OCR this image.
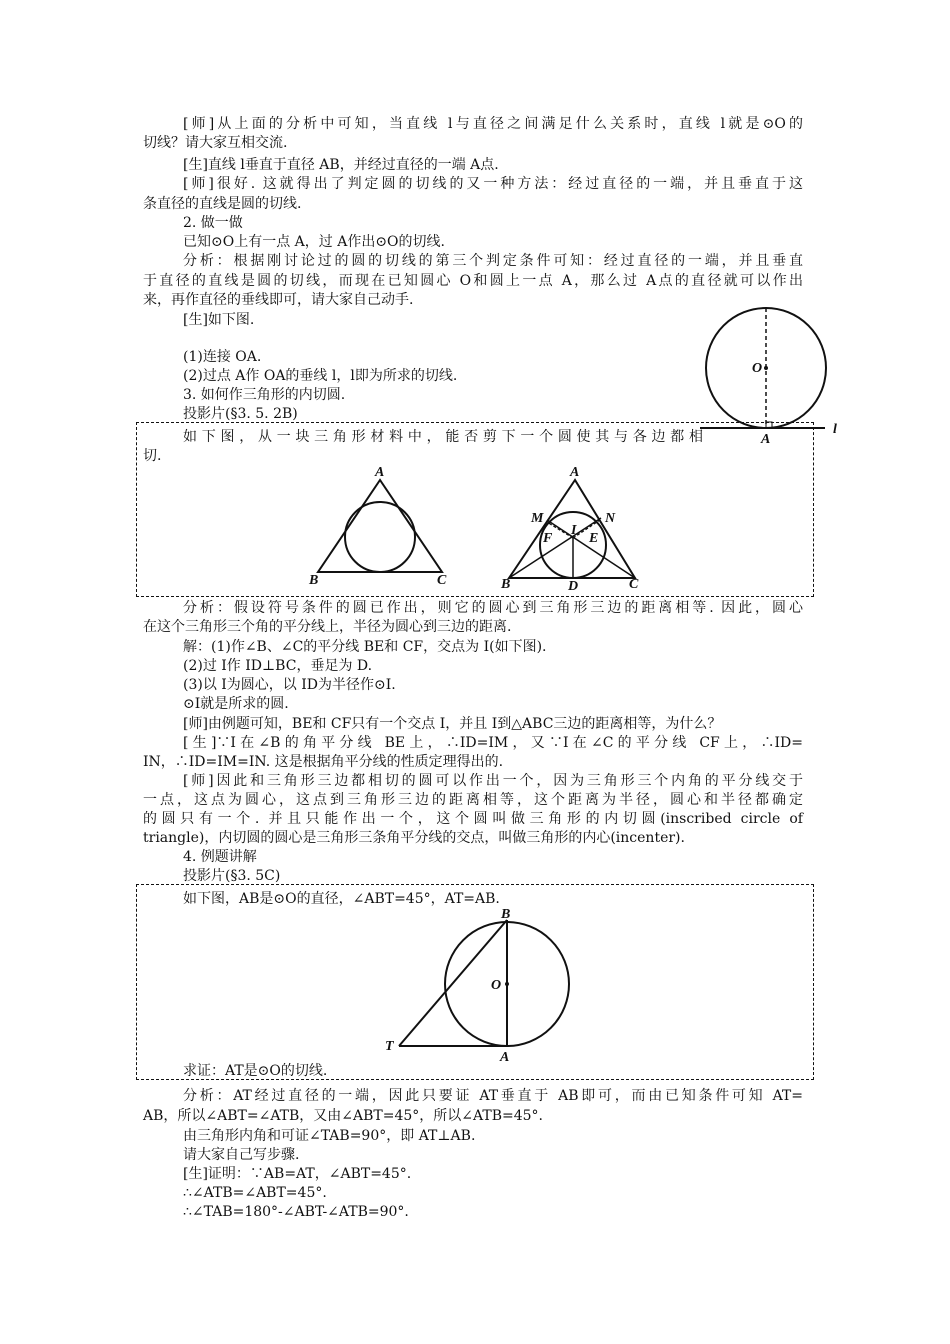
[师]从上面的分析中可知，当直线 l与直径之间满足什么关系时，直线 l就是⊙O的
切线？请大家互相交流.
[生]直线 l垂直于直径 AB，并经过直径的一端 A点.
[师]很好. 这就得出了判定圆的切线的又一种方法：经过直径的一端，并且垂直于这
条直径的直线是圆的切线.
2. 做一做
已知⊙O上有一点 A，过 A作出⊙O的切线.
分析：根据刚讨论过的圆的切线的第三个判定条件可知：经过直径的一端，并且垂直
于直径的直线是圆的切线，而现在已知圆心 O和圆上一点 A，那么过 A点的直径就可以作出
来，再作直径的垂线即可，请大家自己动手.
[生]如下图.
(1)连接 OA.
(2)过点 A作 OA的垂线 l，l即为所求的切线.
3. 如何作三角形的内切圆.
投影片(§3. 5. 2B)
O
A
l
如下图，从一块三角形材料中，能否剪下一个圆使其与各边都相
切.
A
B	C
A
M	N
F
I
E
B	D	C
分析：假设符号条件的圆已作出，则它的圆心到三角形三边的距离相等. 因此，圆心
在这个三角形三个角的平分线上，半径为圆心到三边的距离.
解：(1)作∠B、∠C的平分线 BE和 CF，交点为 I(如下图).
(2)过 I作 ID⊥BC，垂足为 D.
(3)以 I为圆心，以 ID为半径作⊙I.
⊙I就是所求的圆.
[师]由例题可知，BE和 CF只有一个交点 I，并且 I到△ABC三边的距离相等，为什么？
[生]∵I在∠B的角平分线 BE上，∴ID=IM，又∵I在∠C的平分线 CF上，∴ID=
IN，∴ID=IM=IN. 这是根据角平分线的性质定理得出的.
[师]因此和三角形三边都相切的圆可以作出一个，因为三角形三个内角的平分线交于
一点，这点为圆心，这点到三角形三边的距离相等，这个距离为半径，圆心和半径都确定
的圆只有一个. 并且只能作出一个，这个圆叫做三角形的内切圆(inscribed circle of
triangle)，内切圆的圆心是三角形三条角平分线的交点，叫做三角形的内心(incenter).
4. 例题讲解
投影片(§3. 5C)
如下图，AB是⊙O的直径，∠ABT=45°，AT=AB.
B
O
T
A
求证：AT是⊙O的切线.
分析：AT经过直径的一端，因此只要证 AT垂直于 AB即可，而由已知条件可知 AT=
AB，所以∠ABT=∠ATB，又由∠ABT=45°，所以∠ATB=45°.
由三角形内角和可证∠TAB=90°，即 AT⊥AB.
请大家自己写步骤.
[生]证明：∵AB=AT，∠ABT=45°.
∴∠ATB=∠ABT=45°.
∴∠TAB=180°-∠ABT-∠ATB=90°.
